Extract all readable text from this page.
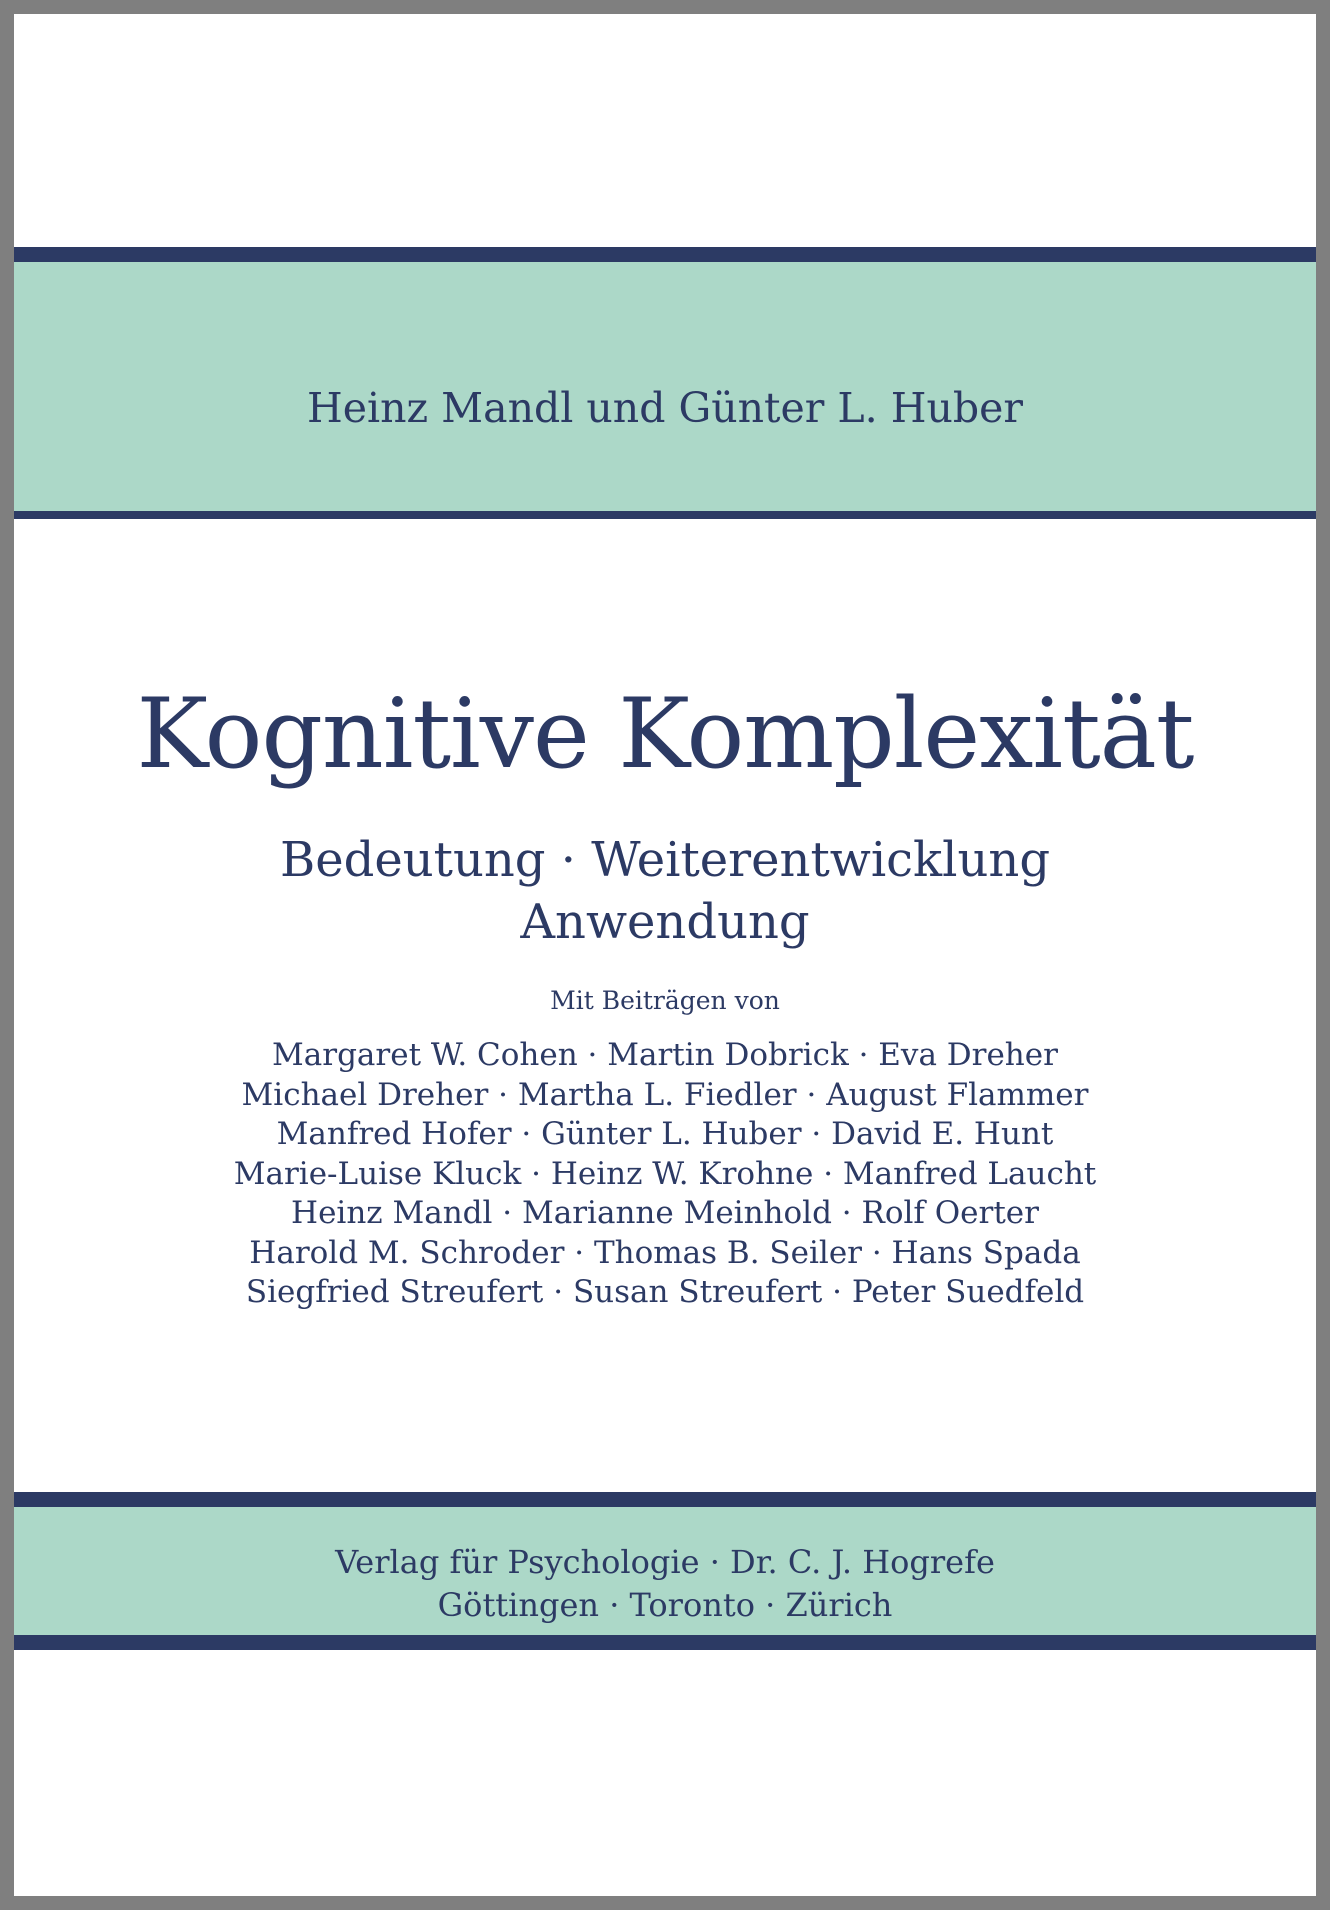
Heinz Mandl und Günter L. Huber
Kognitive Komplexität
Bedeutung · Weiterentwicklung
Anwendung
Mit Beiträgen von
Margaret W. Cohen · Martin Dobrick · Eva Dreher
Michael Dreher · Martha L. Fiedler · August Flammer
Manfred Hofer · Günter L. Huber · David E. Hunt
Marie-Luise Kluck · Heinz W. Krohne · Manfred Laucht
Heinz Mandl · Marianne Meinhold · Rolf Oerter
Harold M. Schroder · Thomas B. Seiler · Hans Spada
Siegfried Streufert · Susan Streufert · Peter Suedfeld
Verlag für Psychologie · Dr. C. J. Hogrefe
Göttingen · Toronto · Zürich
